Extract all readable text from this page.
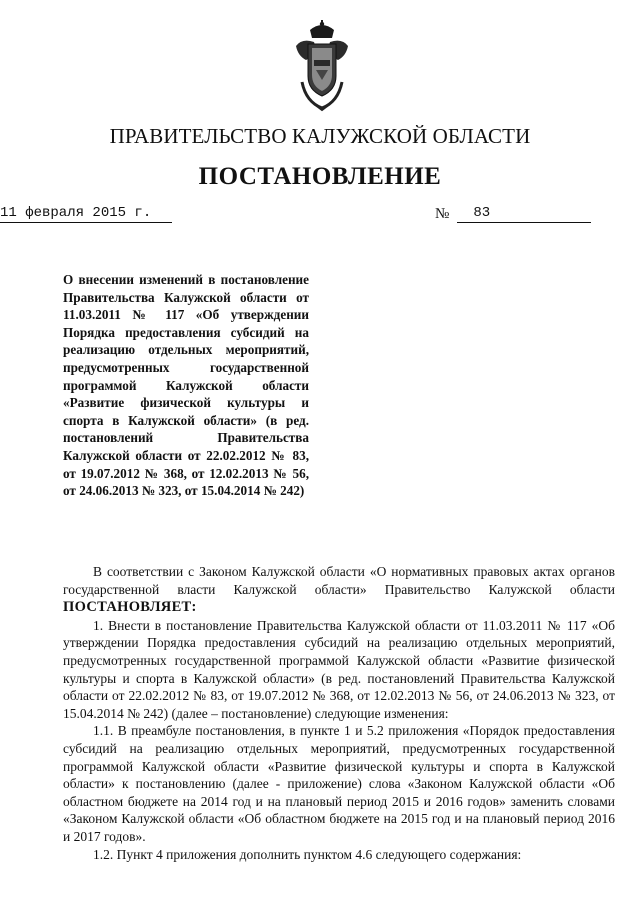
ПРАВИТЕЛЬСТВО КАЛУЖСКОЙ ОБЛАСТИ
ПОСТАНОВЛЕНИЕ
11 февраля 2015 г.	№	83
О внесении изменений в постановление Правительства Калужской области от 11.03.2011 № 117 «Об утверждении Порядка предоставления субсидий на реализацию отдельных мероприятий, предусмотренных государственной программой Калужской области «Развитие физической культуры и спорта в Калужской области» (в ред. постановлений Правительства Калужской области от 22.02.2012 № 83, от 19.07.2012 № 368, от 12.02.2013 № 56, от 24.06.2013 № 323, от 15.04.2014 № 242)

В соответствии с Законом Калужской области «О нормативных правовых актах органов государственной власти Калужской области» Правительство Калужской области ПОСТАНОВЛЯЕТ:

1. Внести в постановление Правительства Калужской области от 11.03.2011 № 117 «Об утверждении Порядка предоставления субсидий на реализацию отдельных мероприятий, предусмотренных государственной программой Калужской области «Развитие физической культуры и спорта в Калужской области» (в ред. постановлений Правительства Калужской области от 22.02.2012 № 83, от 19.07.2012 № 368, от 12.02.2013 № 56, от 24.06.2013 № 323, от 15.04.2014 № 242) (далее – постановление) следующие изменения:

1.1. В преамбуле постановления, в пункте 1 и 5.2 приложения «Порядок предоставления субсидий на реализацию отдельных мероприятий, предусмотренных государственной программой Калужской области «Развитие физической культуры и спорта в Калужской области» к постановлению (далее - приложение) слова «Законом Калужской области «Об областном бюджете на 2014 год и на плановый период 2015 и 2016 годов» заменить словами «Законом Калужской области «Об областном бюджете на 2015 год и на плановый период 2016 и 2017 годов».

1.2. Пункт 4 приложения дополнить пунктом 4.6 следующего содержания:
